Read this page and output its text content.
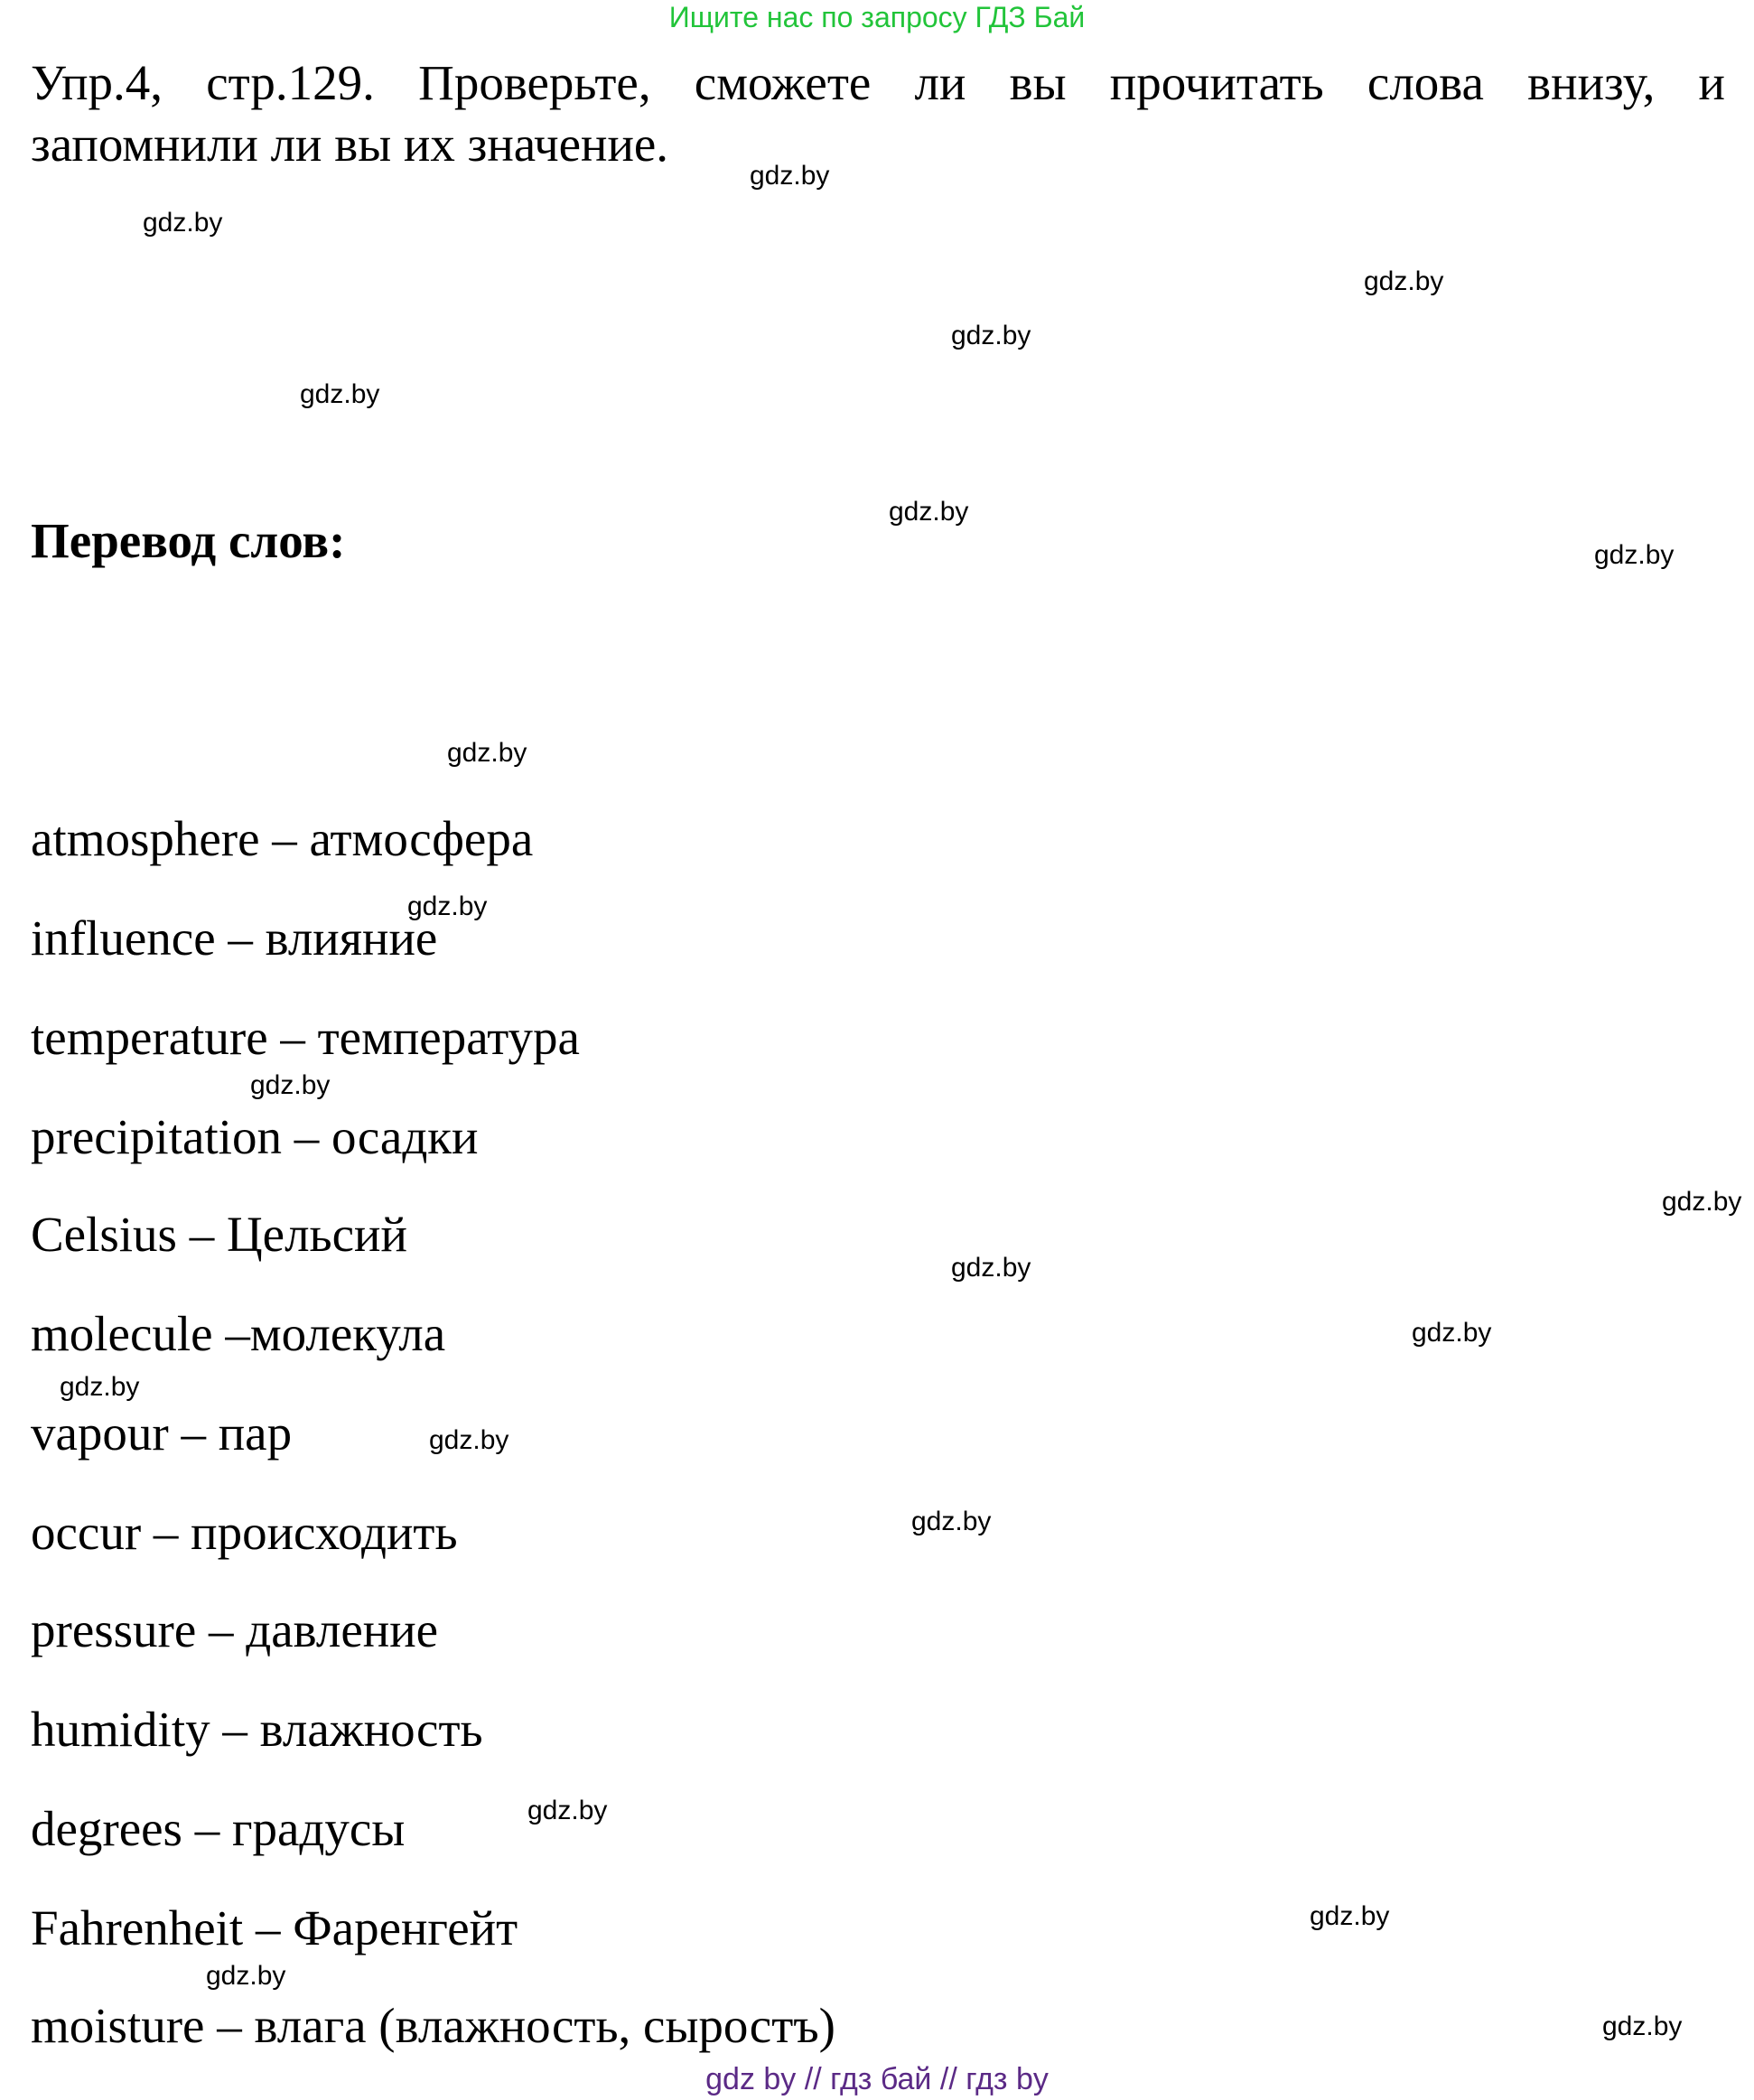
Ищите нас по запросу ГДЗ Бай
Упр.4, стр.129. Проверьте, сможете ли вы прочитать слова внизу, и
запомнили ли вы их значение.
Перевод слов:
atmosphere – атмосфера
influence – влияние
temperature – температура
precipitation – осадки
Celsius – Цельсий
molecule –молекула
vapour – пар
occur – происходить
pressure – давление
humidity – влажность
degrees – градусы
Fahrenheit – Фаренгейт
moisture – влага (влажность, сыростъ)
gdz.by
gdz.by
gdz.by
gdz.by
gdz.by
gdz.by
gdz.by
gdz.by
gdz.by
gdz.by
gdz.by
gdz.by
gdz.by
gdz.by
gdz.by
gdz.by
gdz.by
gdz.by
gdz.by
gdz.by
gdz by // гдз бай // гдз by
